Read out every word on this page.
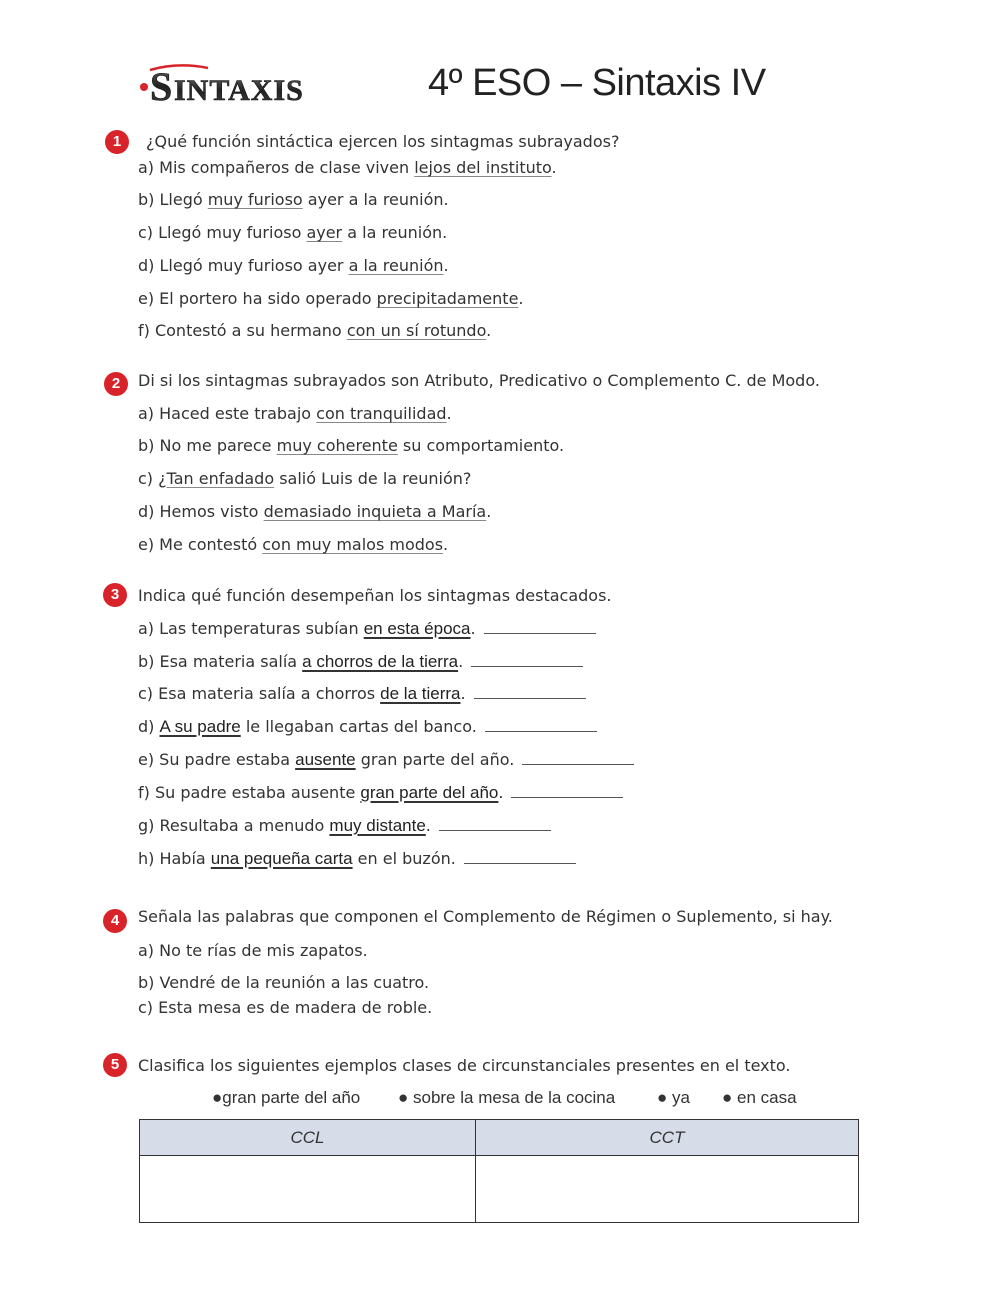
S INTAXIS	4º ESO – Sintaxis IV
1	¿Qué función sintáctica ejercen los sintagmas subrayados?
a) Mis compañeros de clase viven lejos del instituto.
b) Llegó muy furioso ayer a la reunión.
c) Llegó muy furioso ayer a la reunión.
d) Llegó muy furioso ayer a la reunión.
e) El portero ha sido operado precipitadamente.
f) Contestó a su hermano con un sí rotundo.
2	Di si los sintagmas subrayados son Atributo, Predicativo o Complemento C. de Modo.
a) Haced este trabajo con tranquilidad.
b) No me parece muy coherente su comportamiento.
c) ¿Tan enfadado salió Luis de la reunión?
d) Hemos visto demasiado inquieta a María.
e) Me contestó con muy malos modos.
3	Indica qué función desempeñan los sintagmas destacados.
a) Las temperaturas subían en esta época.
b) Esa materia salía a chorros de la tierra.
c) Esa materia salía a chorros de la tierra.
d) A su padre le llegaban cartas del banco.
e) Su padre estaba ausente gran parte del año.
f) Su padre estaba ausente gran parte del año.
g) Resultaba a menudo muy distante.
h) Había una pequeña carta en el buzón.
4	Señala las palabras que componen el Complemento de Régimen o Suplemento, si hay.
a) No te rías de mis zapatos.
b) Vendré de la reunión a las cuatro.
c) Esta mesa es de madera de roble.
5	Clasifica los siguientes ejemplos clases de circunstanciales presentes en el texto.
●gran parte del año ● sobre la mesa de la cocina ● ya ● en casa
CCL	CCT
